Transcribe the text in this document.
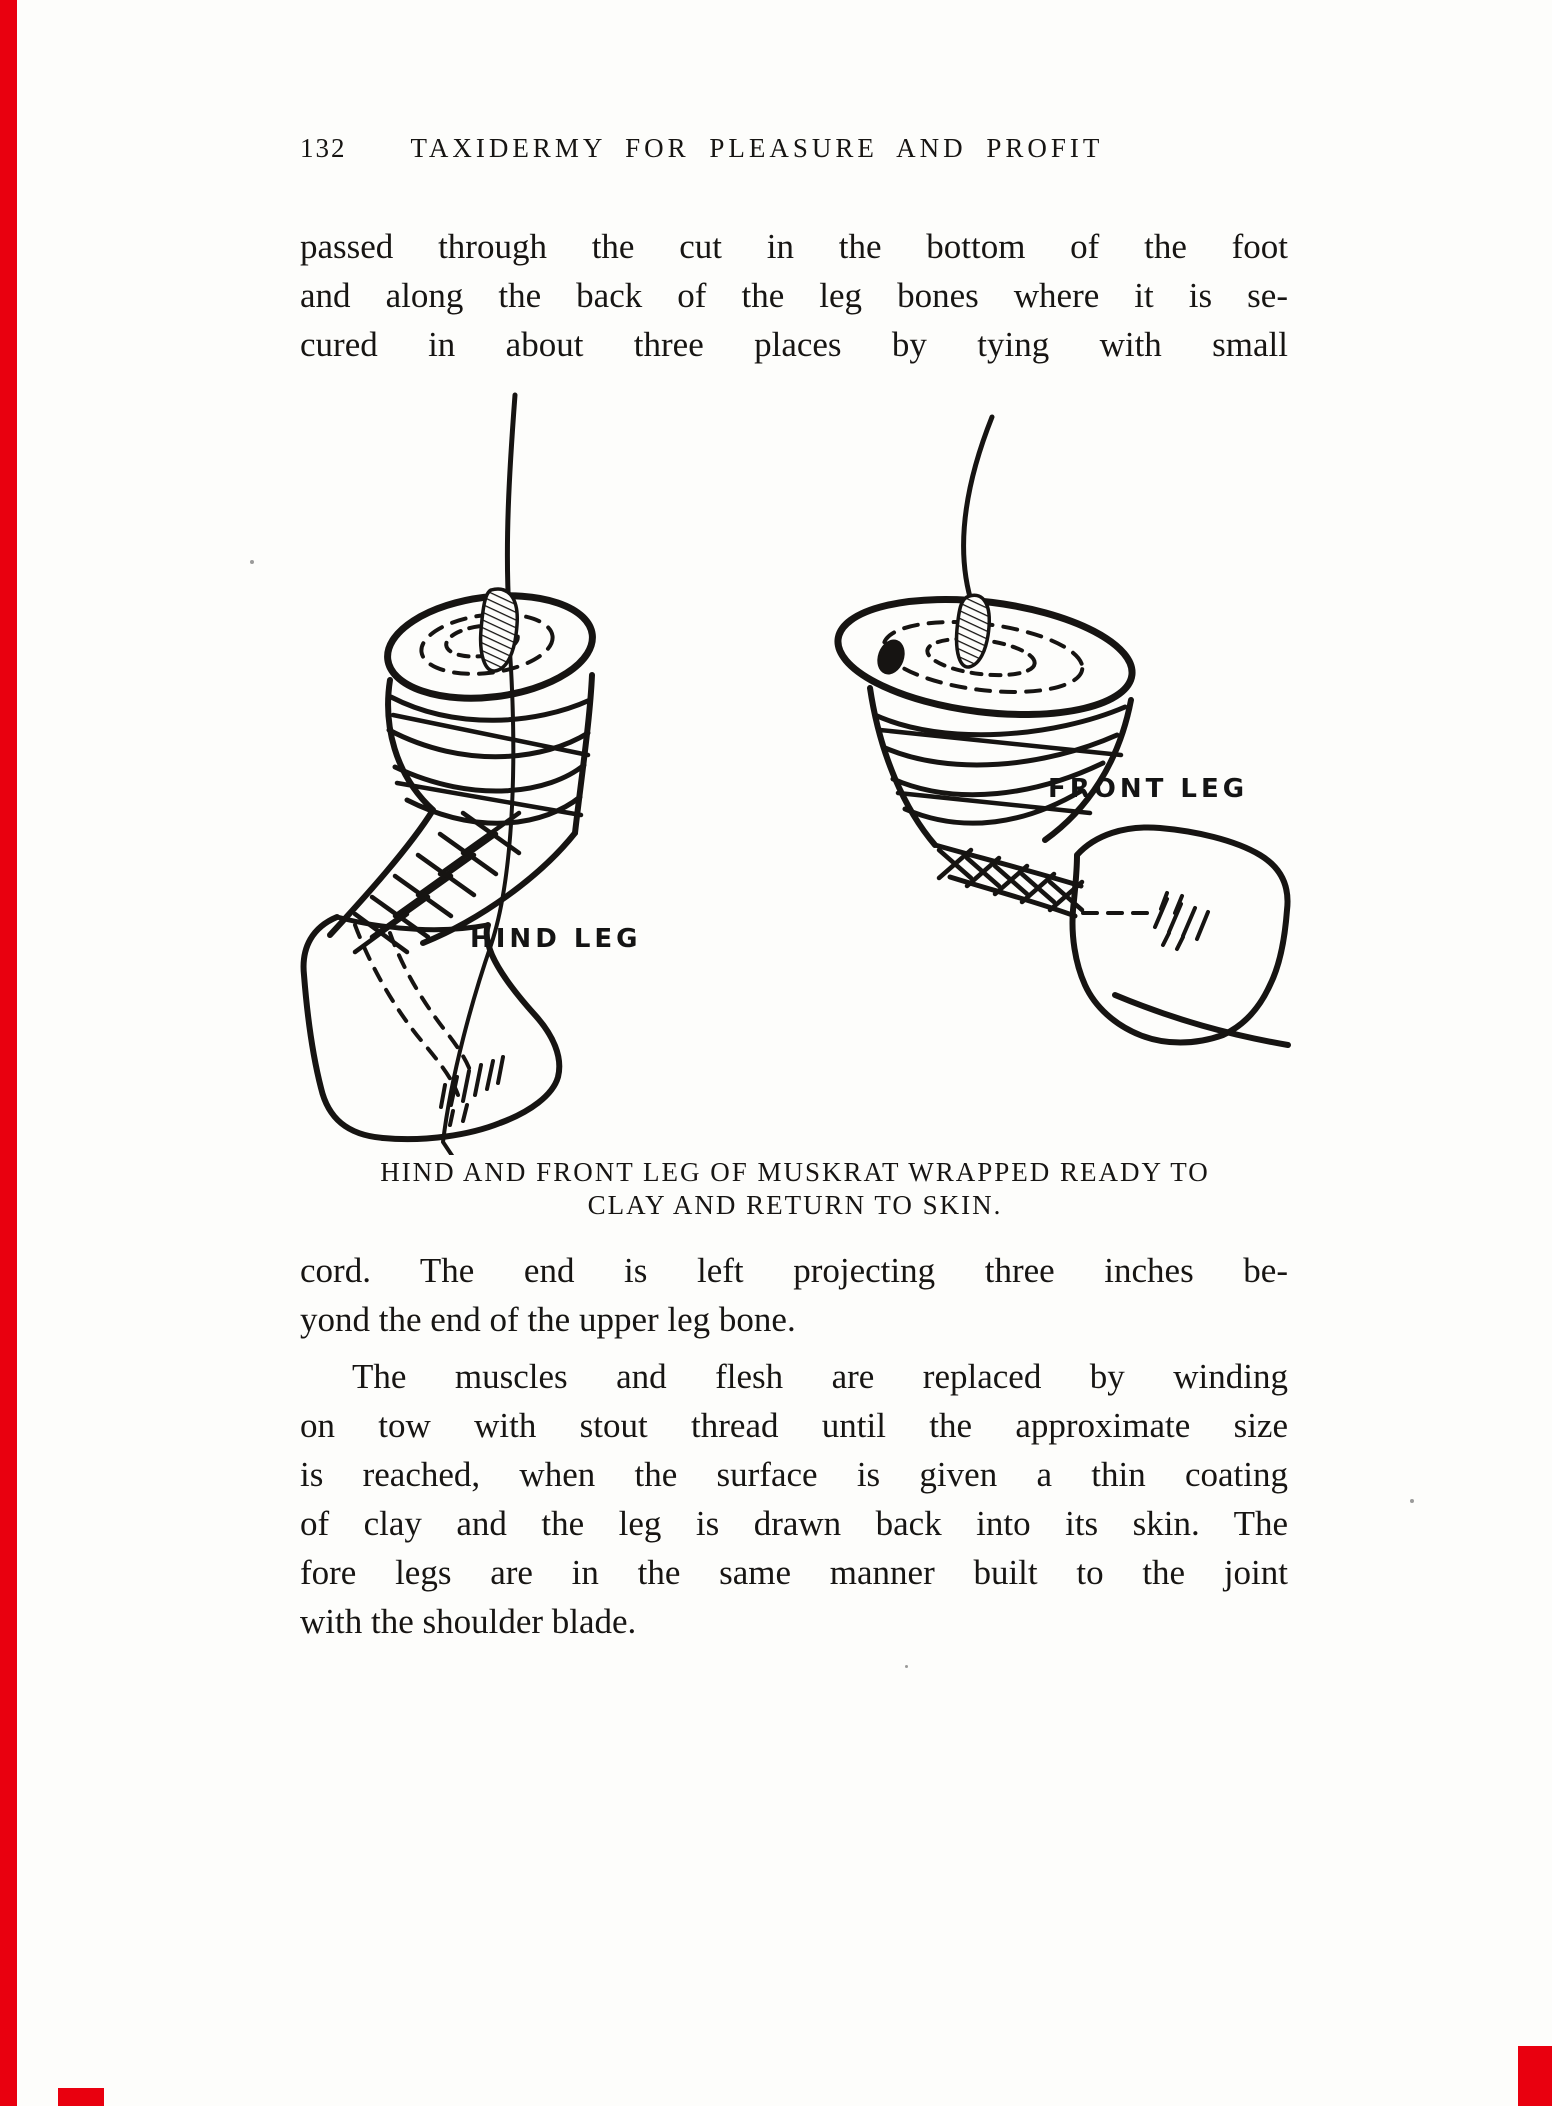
132 TAXIDERMY FOR PLEASURE AND PROFIT
passed through the cut in the bottom of the foot
and along the back of the leg bones where it is se-
cured in about three places by tying with small
HIND LEG
FRONT LEG
HIND AND FRONT LEG OF MUSKRAT WRAPPED READY TO
CLAY AND RETURN TO SKIN.
cord. The end is left projecting three inches be-
yond the end of the upper leg bone.
The muscles and flesh are replaced by winding
on tow with stout thread until the approximate size
is reached, when the surface is given a thin coating
of clay and the leg is drawn back into its skin. The
fore legs are in the same manner built to the joint
with the shoulder blade.
